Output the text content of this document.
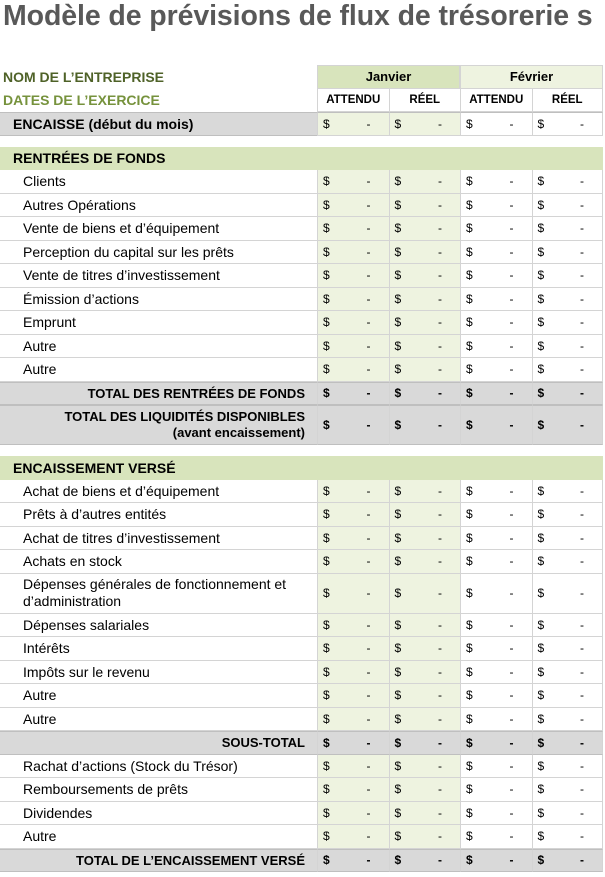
Modèle de prévisions de flux de trésorerie s
NOM DE L’ENTREPRISE	Janvier	Février
DATES DE L’EXERCICE	ATTENDU	RÉEL	ATTENDU	RÉEL
ENCAISSE (début du mois)	$	- $	- $	- $	-
RENTRÉES DE FONDS
Clients	$	- $	- $	- $	-
Autres Opérations	$	- $	- $	- $	-
Vente de biens et d’équipement	$	- $	- $	- $	-
Perception du capital sur les prêts	$	- $	- $	- $	-
Vente de titres d’investissement	$	- $	- $	- $	-
Émission d’actions	$	- $	- $	- $	-
Emprunt	$	- $	- $	- $	-
Autre	$	- $	- $	- $	-
Autre	$	- $	- $	- $	-
TOTAL DES RENTRÉES DE FONDS	$	- $	- $	- $	-
TOTAL DES LIQUIDITÉS DISPONIBLES
(avant encaissement) $	- $	- $	- $	-
ENCAISSEMENT VERSÉ
Achat de biens et d’équipement	$	- $	- $	- $	-
Prêts à d’autres entités	$	- $	- $	- $	-
Achat de titres d’investissement	$	- $	- $	- $	-
Achats en stock	$	- $	- $	- $	-
Dépenses générales de fonctionnement et d’administration	$	- $	- $	- $	-
Dépenses salariales	$	- $	- $	- $	-
Intérêts	$	- $	- $	- $	-
Impôts sur le revenu	$	- $	- $	- $	-
Autre	$	- $	- $	- $	-
Autre	$	- $	- $	- $	-
SOUS-TOTAL	$	- $	- $	- $	-
Rachat d’actions (Stock du Trésor)	$	- $	- $	- $	-
Remboursements de prêts	$	- $	- $	- $	-
Dividendes	$	- $	- $	- $	-
Autre	$	- $	- $	- $	-
TOTAL DE L’ENCAISSEMENT VERSÉ	$	- $	- $	- $	-
